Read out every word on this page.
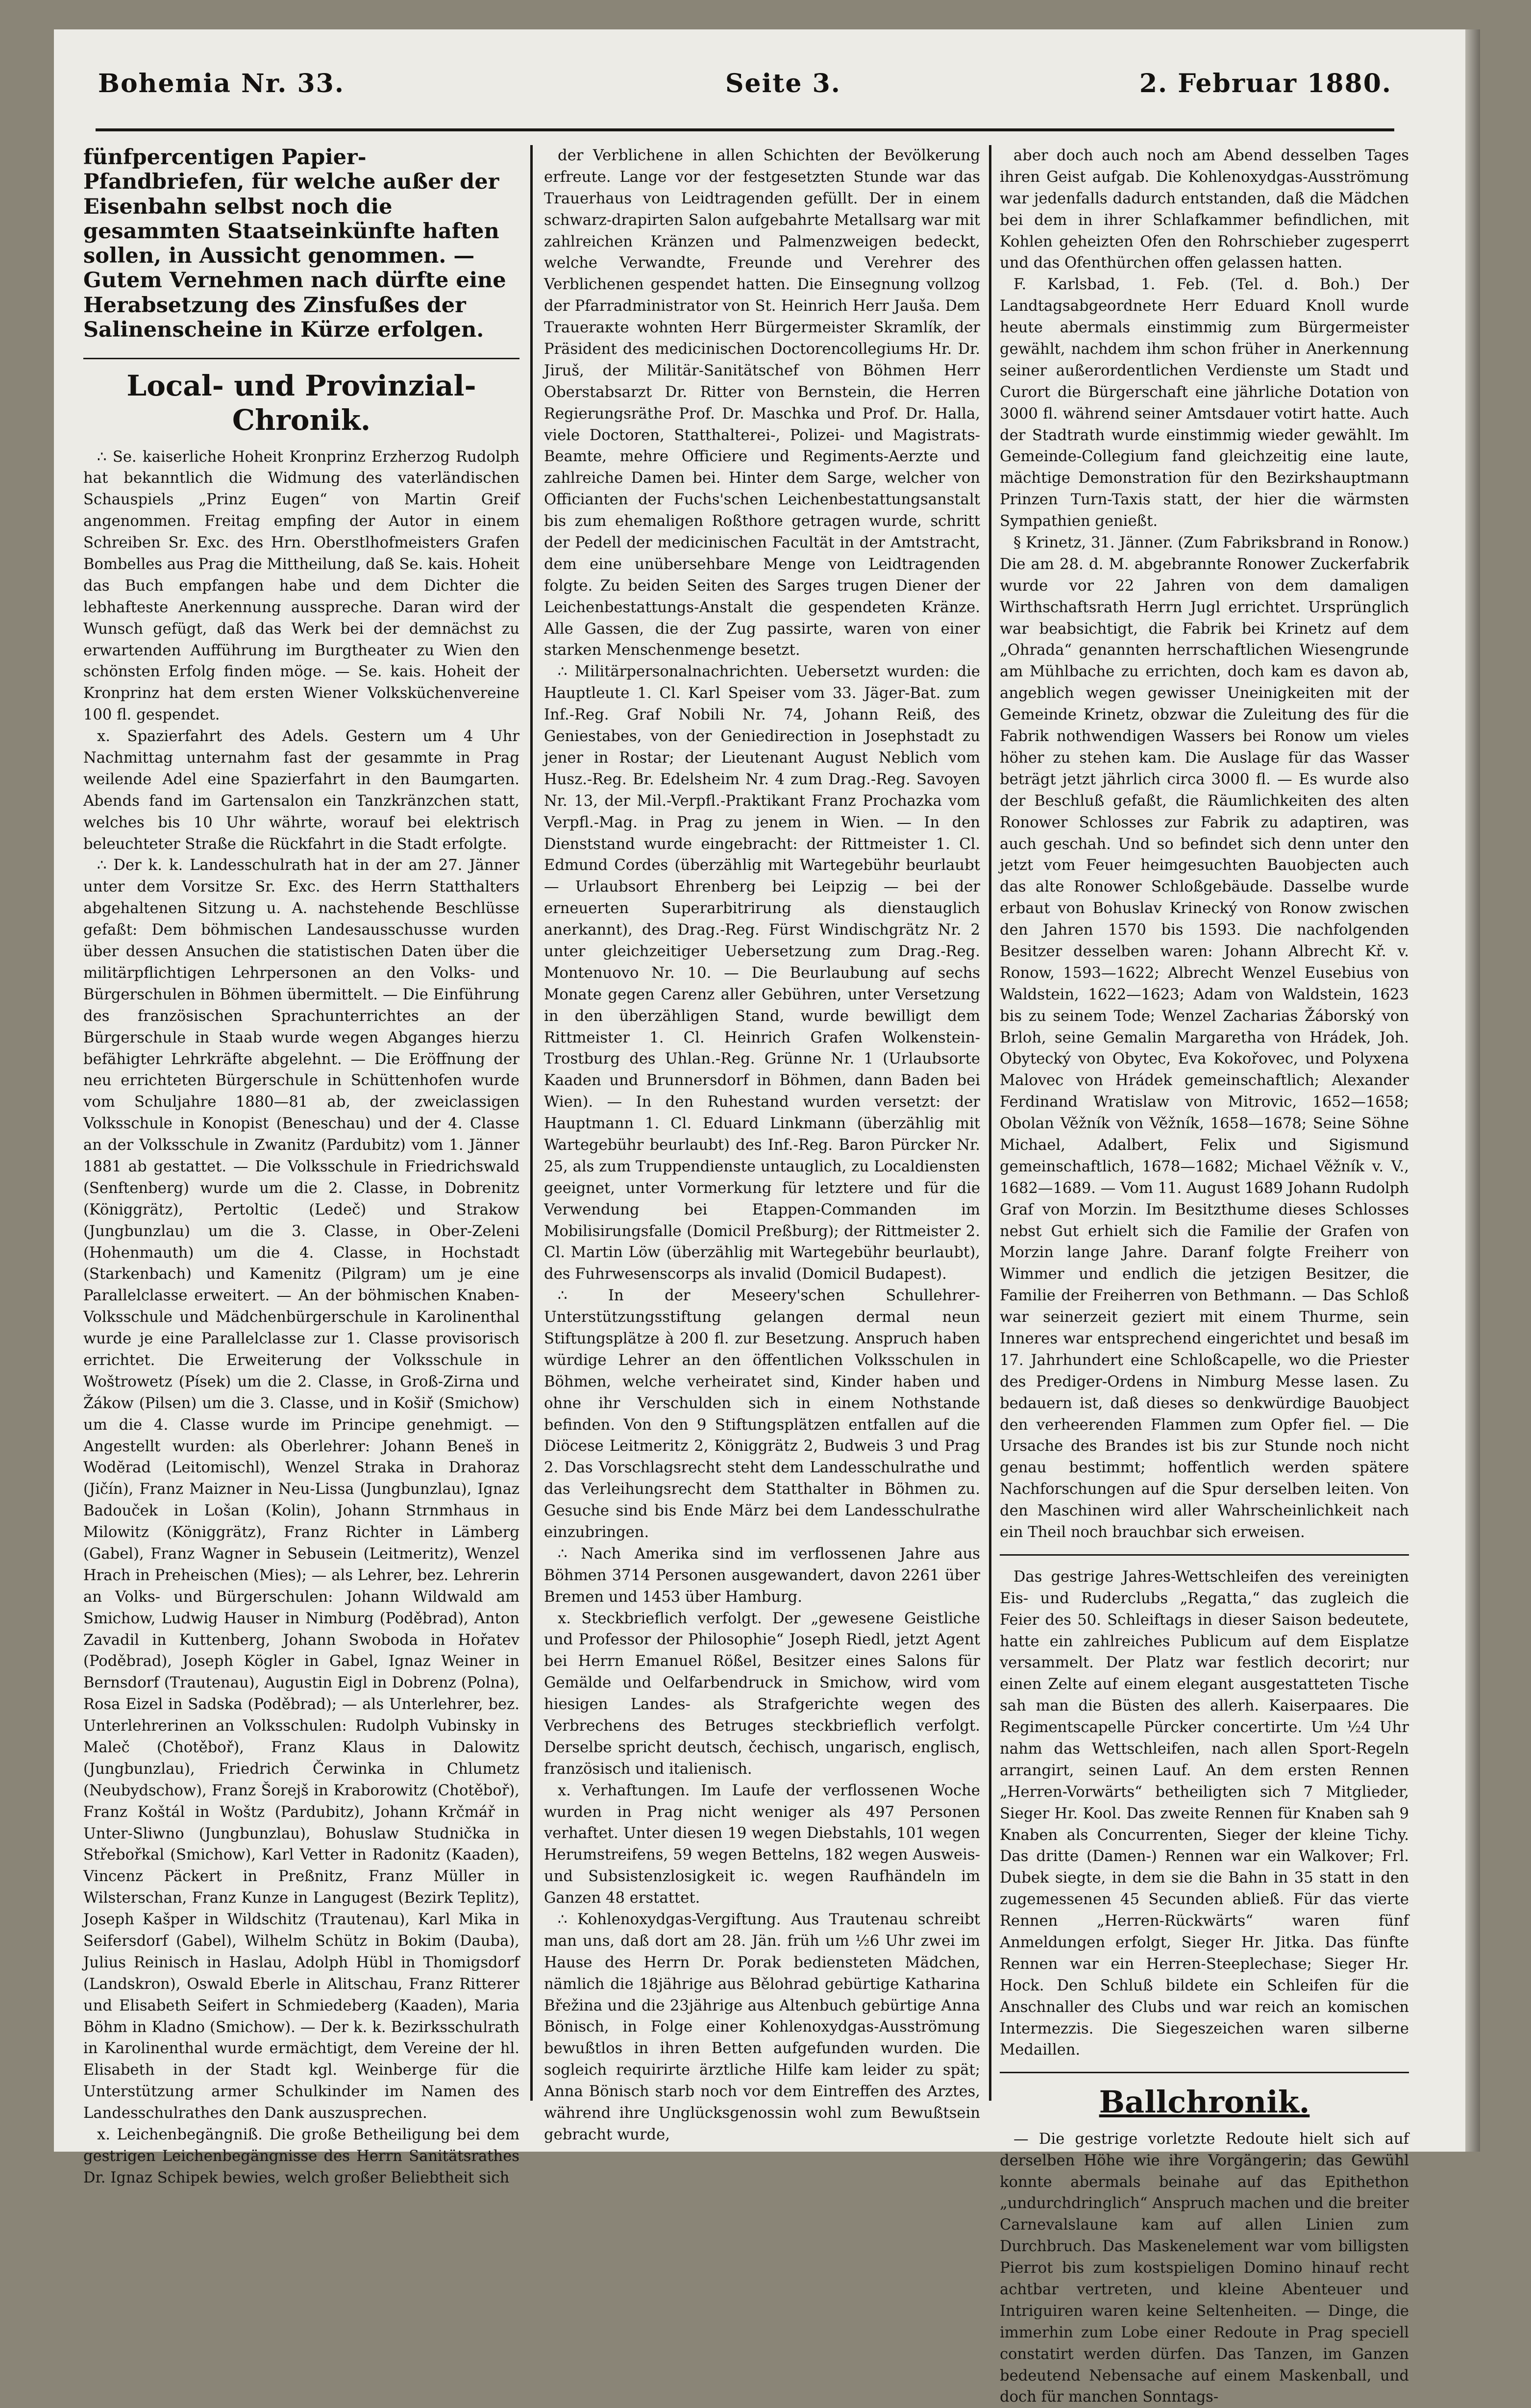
Bohemia Nr. 33.	Seite 3.	2. Februar 1880.

fünfpercentigen Papier-Pfandbriefen, für welche außer der Eisenbahn selbst noch die gesammten Staatseinkünfte haften sollen, in Aussicht genommen. — Gutem Vernehmen nach dürfte eine Herabsetzung des Zinsfußes der Salinenscheine in Kürze erfolgen.

Local- und Provinzial-Chronik.

∴ Se. kaiserliche Hoheit Kronprinz Erzherzog Rudolph hat bekanntlich die Widmung des vaterländischen Schauspiels „Prinz Eugen“ von Martin Greif angenommen. Freitag empfing der Autor in einem Schreiben Sr. Exc. des Hrn. Oberstlhofmeisters Grafen Bombelles aus Prag die Mittheilung, daß Se. kais. Hoheit das Buch empfangen habe und dem Dichter die lebhafteste Anerkennung ausspreche. Daran wird der Wunsch gefügt, daß das Werk bei der demnächst zu erwartenden Aufführung im Burgtheater zu Wien den schönsten Erfolg finden möge. — Se. kais. Hoheit der Kronprinz hat dem ersten Wiener Volksküchenvereine 100 fl. gespendet.

x. Spazierfahrt des Adels. Gestern um 4 Uhr Nachmittag unternahm fast der gesammte in Prag weilende Adel eine Spazierfahrt in den Baumgarten. Abends fand im Gartensalon ein Tanzkränzchen statt, welches bis 10 Uhr währte, worauf bei elektrisch beleuchteter Straße die Rückfahrt in die Stadt erfolgte.

∴ Der k. k. Landesschulrath hat in der am 27. Jänner unter dem Vorsitze Sr. Exc. des Herrn Statthalters abgehaltenen Sitzung u. A. nachstehende Beschlüsse gefaßt: Dem böhmischen Landesausschusse wurden über dessen Ansuchen die statistischen Daten über die militärpflichtigen Lehrpersonen an den Volks- und Bürgerschulen in Böhmen übermittelt. — Die Einführung des französischen Sprachunterrichtes an der Bürgerschule in Staab wurde wegen Abganges hierzu befähigter Lehrkräfte abgelehnt. — Die Eröffnung der neu errichteten Bürgerschule in Schüttenhofen wurde vom Schuljahre 1880—81 ab, der zweiclassigen Volksschule in Konopist (Beneschau) und der 4. Classe an der Volksschule in Zwanitz (Pardubitz) vom 1. Jänner 1881 ab gestattet. — Die Volksschule in Friedrichswald (Senftenberg) wurde um die 2. Classe, in Dobrenitz (Königgrätz), Pertoltic (Ledeč) und Strakow (Jungbunzlau) um die 3. Classe, in Ober-Zeleni (Hohenmauth) um die 4. Classe, in Hochstadt (Starkenbach) und Kamenitz (Pilgram) um je eine Parallelclasse erweitert. — An der böhmischen Knaben-Volksschule und Mädchenbürgerschule in Karolinenthal wurde je eine Parallelclasse zur 1. Classe provisorisch errichtet. Die Erweiterung der Volksschule in Woštrowetz (Písek) um die 2. Classe, in Groß-Zirna und Žákow (Pilsen) um die 3. Classe, und in Košiř (Smichow) um die 4. Classe wurde im Principe genehmigt. — Angestellt wurden: als Oberlehrer: Johann Beneš in Wodĕrad (Leitomischl), Wenzel Straka in Drahoraz (Jičín), Franz Maizner in Neu-Lissa (Jungbunzlau), Ignaz Badouček in Lošan (Kolin), Johann Strnmhaus in Milowitz (Königgrätz), Franz Richter in Lämberg (Gabel), Franz Wagner in Sebusein (Leitmeritz), Wenzel Hrach in Preheischen (Mies); — als Lehrer, bez. Lehrerin an Volks- und Bürgerschulen: Johann Wildwald am Smichow, Ludwig Hauser in Nimburg (Poděbrad), Anton Zavadil in Kuttenberg, Johann Swoboda in Hořatev (Poděbrad), Joseph Kögler in Gabel, Ignaz Weiner in Bernsdorf (Trautenau), Augustin Eigl in Dobrenz (Polna), Rosa Eizel in Sadska (Poděbrad); — als Unterlehrer, bez. Unterlehrerinen an Volksschulen: Rudolph Vubinsky in Maleč (Chotěboř), Franz Klaus in Dalowitz (Jungbunzlau), Friedrich Čerwinka in Chlumetz (Neubydschow), Franz Šorejš in Kraborowitz (Chotěboř), Franz Koštál in Woštz (Pardubitz), Johann Krčmář in Unter-Sliwno (Jungbunzlau), Bohuslaw Studnička in Střebořkal (Smichow), Karl Vetter in Radonitz (Kaaden), Vincenz Päckert in Preßnitz, Franz Müller in Wilsterschan, Franz Kunze in Langugest (Bezirk Teplitz), Joseph Kašper in Wildschitz (Trautenau), Karl Mika in Seifersdorf (Gabel), Wilhelm Schütz in Bokim (Dauba), Julius Reinisch in Haslau, Adolph Hübl in Thomigsdorf (Landskron), Oswald Eberle in Alitschau, Franz Ritterer und Elisabeth Seifert in Schmiedeberg (Kaaden), Maria Böhm in Kladno (Smichow). — Der k. k. Bezirksschulrath in Karolinenthal wurde ermächtigt, dem Vereine der hl. Elisabeth in der Stadt kgl. Weinberge für die Unterstützung armer Schulkinder im Namen des Landesschulrathes den Dank auszusprechen.

x. Leichenbegängniß. Die große Betheiligung bei dem gestrigen Leichenbegängnisse des Herrn Sanitätsrathes Dr. Ignaz Schipek bewies, welch großer Beliebtheit sich

der Verblichene in allen Schichten der Bevölkerung erfreute. Lange vor der festgesetzten Stunde war das Trauerhaus von Leidtragenden gefüllt. Der in einem schwarz-drapirten Salon aufgebahrte Metallsarg war mit zahlreichen Kränzen und Palmenzweigen bedeckt, welche Verwandte, Freunde und Verehrer des Verblichenen gespendet hatten. Die Einsegnung vollzog der Pfarradministrator von St. Heinrich Herr Jauša. Dem Trauerакte wohnten Herr Bürgermeister Skramlík, der Präsident des medicinischen Doctorencollegiums Hr. Dr. Jiruš, der Militär-Sanitätschef von Böhmen Herr Oberstabsarzt Dr. Ritter von Bernstein, die Herren Regierungsräthe Prof. Dr. Maschka und Prof. Dr. Halla, viele Doctoren, Statthalterei-, Polizei- und Magistrats-Beamte, mehre Officiere und Regiments-Aerzte und zahlreiche Damen bei. Hinter dem Sarge, welcher von Officianten der Fuchs'schen Leichenbestattungsanstalt bis zum ehemaligen Roßthore getragen wurde, schritt der Pedell der medicinischen Facultät in der Amtstracht, dem eine unübersehbare Menge von Leidtragenden folgte. Zu beiden Seiten des Sarges trugen Diener der Leichenbestattungs-Anstalt die gespendeten Kränze. Alle Gassen, die der Zug passirte, waren von einer starken Menschenmenge besetzt.

∴ Militärpersonalnachrichten. Uebersetzt wurden: die Hauptleute 1. Cl. Karl Speiser vom 33. Jäger-Bat. zum Inf.-Reg. Graf Nobili Nr. 74, Johann Reiß, des Geniestabes, von der Geniedirection in Josephstadt zu jener in Rostar; der Lieutenant August Neblich vom Husz.-Reg. Br. Edelsheim Nr. 4 zum Drag.-Reg. Savoyen Nr. 13, der Mil.-Verpfl.-Praktikant Franz Prochazka vom Verpfl.-Mag. in Prag zu jenem in Wien. — In den Dienststand wurde eingebracht: der Rittmeister 1. Cl. Edmund Cordes (überzählig mit Wartegebühr beurlaubt — Urlaubsort Ehrenberg bei Leipzig — bei der erneuerten Superarbitrirung als dienstauglich anerkannt), des Drag.-Reg. Fürst Windischgrätz Nr. 2 unter gleichzeitiger Uebersetzung zum Drag.-Reg. Montenuovo Nr. 10. — Die Beurlaubung auf sechs Monate gegen Carenz aller Gebühren, unter Versetzung in den überzähligen Stand, wurde bewilligt dem Rittmeister 1. Cl. Heinrich Grafen Wolkenstein-Trostburg des Uhlan.-Reg. Grünne Nr. 1 (Urlaubsorte Kaaden und Brunnersdorf in Böhmen, dann Baden bei Wien). — In den Ruhestand wurden versetzt: der Hauptmann 1. Cl. Eduard Linkmann (überzählig mit Wartegebühr beurlaubt) des Inf.-Reg. Baron Pürcker Nr. 25, als zum Truppendienste untauglich, zu Localdiensten geeignet, unter Vormerkung für letztere und für die Verwendung bei Etappen-Commanden im Mobilisirungsfalle (Domicil Preßburg); der Rittmeister 2. Cl. Martin Löw (überzählig mit Wartegebühr beurlaubt), des Fuhrwesenscorps als invalid (Domicil Budapest).

∴ In der Meseery'schen Schullehrer-Unterstützungsstiftung gelangen dermal neun Stiftungsplätze à 200 fl. zur Besetzung. Anspruch haben würdige Lehrer an den öffentlichen Volksschulen in Böhmen, welche verheiratet sind, Kinder haben und ohne ihr Verschulden sich in einem Nothstande befinden. Von den 9 Stiftungsplätzen entfallen auf die Diöcese Leitmeritz 2, Königgrätz 2, Budweis 3 und Prag 2. Das Vorschlagsrecht steht dem Landesschulrathe und das Verleihungsrecht dem Statthalter in Böhmen zu. Gesuche sind bis Ende März bei dem Landesschulrathe einzubringen.

∴ Nach Amerika sind im verflossenen Jahre aus Böhmen 3714 Personen ausgewandert, davon 2261 über Bremen und 1453 über Hamburg.

x. Steckbrieflich verfolgt. Der „gewesene Geistliche und Professor der Philosophie“ Joseph Riedl, jetzt Agent bei Herrn Emanuel Rößel, Besitzer eines Salons für Gemälde und Oelfarbendruck in Smichow, wird vom hiesigen Landes- als Strafgerichte wegen des Verbrechens des Betruges steckbrieflich verfolgt. Derselbe spricht deutsch, čechisch, ungarisch, englisch, französisch und italienisch.

x. Verhaftungen. Im Laufe der verflossenen Woche wurden in Prag nicht weniger als 497 Personen verhaftet. Unter diesen 19 wegen Diebstahls, 101 wegen Herumstreifens, 59 wegen Bettelns, 182 wegen Ausweis- und Subsistenzlosigkeit ic. wegen Raufhändeln im Ganzen 48 erstattet.

∴ Kohlenoxydgas-Vergiftung. Aus Trautenau schreibt man uns, daß dort am 28. Jän. früh um ½6 Uhr zwei im Hause des Herrn Dr. Porak bediensteten Mädchen, nämlich die 18jährige aus Bělohrad gebürtige Katharina Břežina und die 23jährige aus Altenbuch gebürtige Anna Bönisch, in Folge einer Kohlenoxydgas-Ausströmung bewußtlos in ihren Betten aufgefunden wurden. Die sogleich requirirte ärztliche Hilfe kam leider zu spät; Anna Bönisch starb noch vor dem Eintreffen des Arztes, während ihre Unglücksgenossin wohl zum Bewußtsein gebracht wurde,

aber doch auch noch am Abend desselben Tages ihren Geist aufgab. Die Kohlenoxydgas-Ausströmung war jedenfalls dadurch entstanden, daß die Mädchen bei dem in ihrer Schlafkammer befindlichen, mit Kohlen geheizten Ofen den Rohrschieber zugesperrt und das Ofenthürchen offen gelassen hatten.

F. Karlsbad, 1. Feb. (Tel. d. Boh.) Der Landtagsabgeordnete Herr Eduard Knoll wurde heute abermals einstimmig zum Bürgermeister gewählt, nachdem ihm schon früher in Anerkennung seiner außerordentlichen Verdienste um Stadt und Curort die Bürgerschaft eine jährliche Dotation von 3000 fl. während seiner Amtsdauer votirt hatte. Auch der Stadtrath wurde einstimmig wieder gewählt. Im Gemeinde-Collegium fand gleichzeitig eine laute, mächtige Demonstration für den Bezirkshauptmann Prinzen Turn-Taxis statt, der hier die wärmsten Sympathien genießt.

§ Krinetz, 31. Jänner. (Zum Fabriksbrand in Ronow.) Die am 28. d. M. abgebrannte Ronower Zuckerfabrik wurde vor 22 Jahren von dem damaligen Wirthschaftsrath Herrn Jugl errichtet. Ursprünglich war beabsichtigt, die Fabrik bei Krinetz auf dem „Ohrada“ genannten herrschaftlichen Wiesengrunde am Mühlbache zu errichten, doch kam es davon ab, angeblich wegen gewisser Uneinigkeiten mit der Gemeinde Krinetz, obzwar die Zuleitung des für die Fabrik nothwendigen Wassers bei Ronow um vieles höher zu stehen kam. Die Auslage für das Wasser beträgt jetzt jährlich circa 3000 fl. — Es wurde also der Beschluß gefaßt, die Räumlichkeiten des alten Ronower Schlosses zur Fabrik zu adaptiren, was auch geschah. Und so befindet sich denn unter den jetzt vom Feuer heimgesuchten Bauobjecten auch das alte Ronower Schloßgebäude. Dasselbe wurde erbaut von Bohuslav Krinecký von Ronow zwischen den Jahren 1570 bis 1593. Die nachfolgenden Besitzer desselben waren: Johann Albrecht Kř. v. Ronow, 1593—1622; Albrecht Wenzel Eusebius von Waldstein, 1622—1623; Adam von Waldstein, 1623 bis zu seinem Tode; Wenzel Zacharias Žáborský von Brloh, seine Gemalin Margaretha von Hrádek, Joh. Obytecký von Obytec, Eva Kokořovec, und Polyxena Malovec von Hrádek gemeinschaftlich; Alexander Ferdinand Wratislaw von Mitrovic, 1652—1658; Obolan Věžník von Věžník, 1658—1678; Seine Söhne Michael, Adalbert, Felix und Sigismund gemeinschaftlich, 1678—1682; Michael Věžník v. V., 1682—1689. — Vom 11. August 1689 Johann Rudolph Graf von Morzin. Im Besitzthume dieses Schlosses nebst Gut erhielt sich die Familie der Grafen von Morzin lange Jahre. Daranf folgte Freiherr von Wimmer und endlich die jetzigen Besitzer, die Familie der Freiherren von Bethmann. — Das Schloß war seinerzeit geziert mit einem Thurme, sein Inneres war entsprechend eingerichtet und besaß im 17. Jahrhundert eine Schloßcapelle, wo die Priester des Prediger-Ordens in Nimburg Messe lasen. Zu bedauern ist, daß dieses so denkwürdige Bauobject den verheerenden Flammen zum Opfer fiel. — Die Ursache des Brandes ist bis zur Stunde noch nicht genau bestimmt; hoffentlich werden spätere Nachforschungen auf die Spur derselben leiten. Von den Maschinen wird aller Wahrscheinlichkeit nach ein Theil noch brauchbar sich erweisen.

Das gestrige Jahres-Wettschleifen des vereinigten Eis- und Ruderclubs „Regatta,“ das zugleich die Feier des 50. Schleiftags in dieser Saison bedeutete, hatte ein zahlreiches Publicum auf dem Eisplatze versammelt. Der Platz war festlich decorirt; nur einen Zelte auf einem elegant ausgestatteten Tische sah man die Büsten des allerh. Kaiserpaares. Die Regimentscapelle Pürcker concertirte. Um ½4 Uhr nahm das Wettschleifen, nach allen Sport-Regeln arrangirt, seinen Lauf. An dem ersten Rennen „Herren-Vorwärts“ betheiligten sich 7 Mitglieder, Sieger Hr. Kool. Das zweite Rennen für Knaben sah 9 Knaben als Concurrenten, Sieger der kleine Tichy. Das dritte (Damen-) Rennen war ein Walkover; Frl. Dubek siegte, in dem sie die Bahn in 35 statt in den zugemessenen 45 Secunden abließ. Für das vierte Rennen „Herren-Rückwärts“ waren fünf Anmeldungen erfolgt, Sieger Hr. Jitka. Das fünfte Rennen war ein Herren-Steeplechase; Sieger Hr. Hock. Den Schluß bildete ein Schleifen für die Anschnaller des Clubs und war reich an komischen Intermezzis. Die Siegeszeichen waren silberne Medaillen.

Ballchronik.

— Die gestrige vorletzte Redoute hielt sich auf derselben Höhe wie ihre Vorgängerin; das Gewühl konnte abermals beinahe auf das Epithethon „undurchdringlich“ Anspruch machen und die breiter Carnevalslaune kam auf allen Linien zum Durchbruch. Das Maskenelement war vom billigsten Pierrot bis zum kostspieligen Domino hinauf recht achtbar vertreten, und kleine Abenteuer und Intriguiren waren keine Seltenheiten. — Dinge, die immerhin zum Lobe einer Redoute in Prag speciell constatirt werden dürfen. Das Tanzen, im Ganzen bedeutend Nebensache auf einem Maskenball, und doch für manchen Sonntags-
